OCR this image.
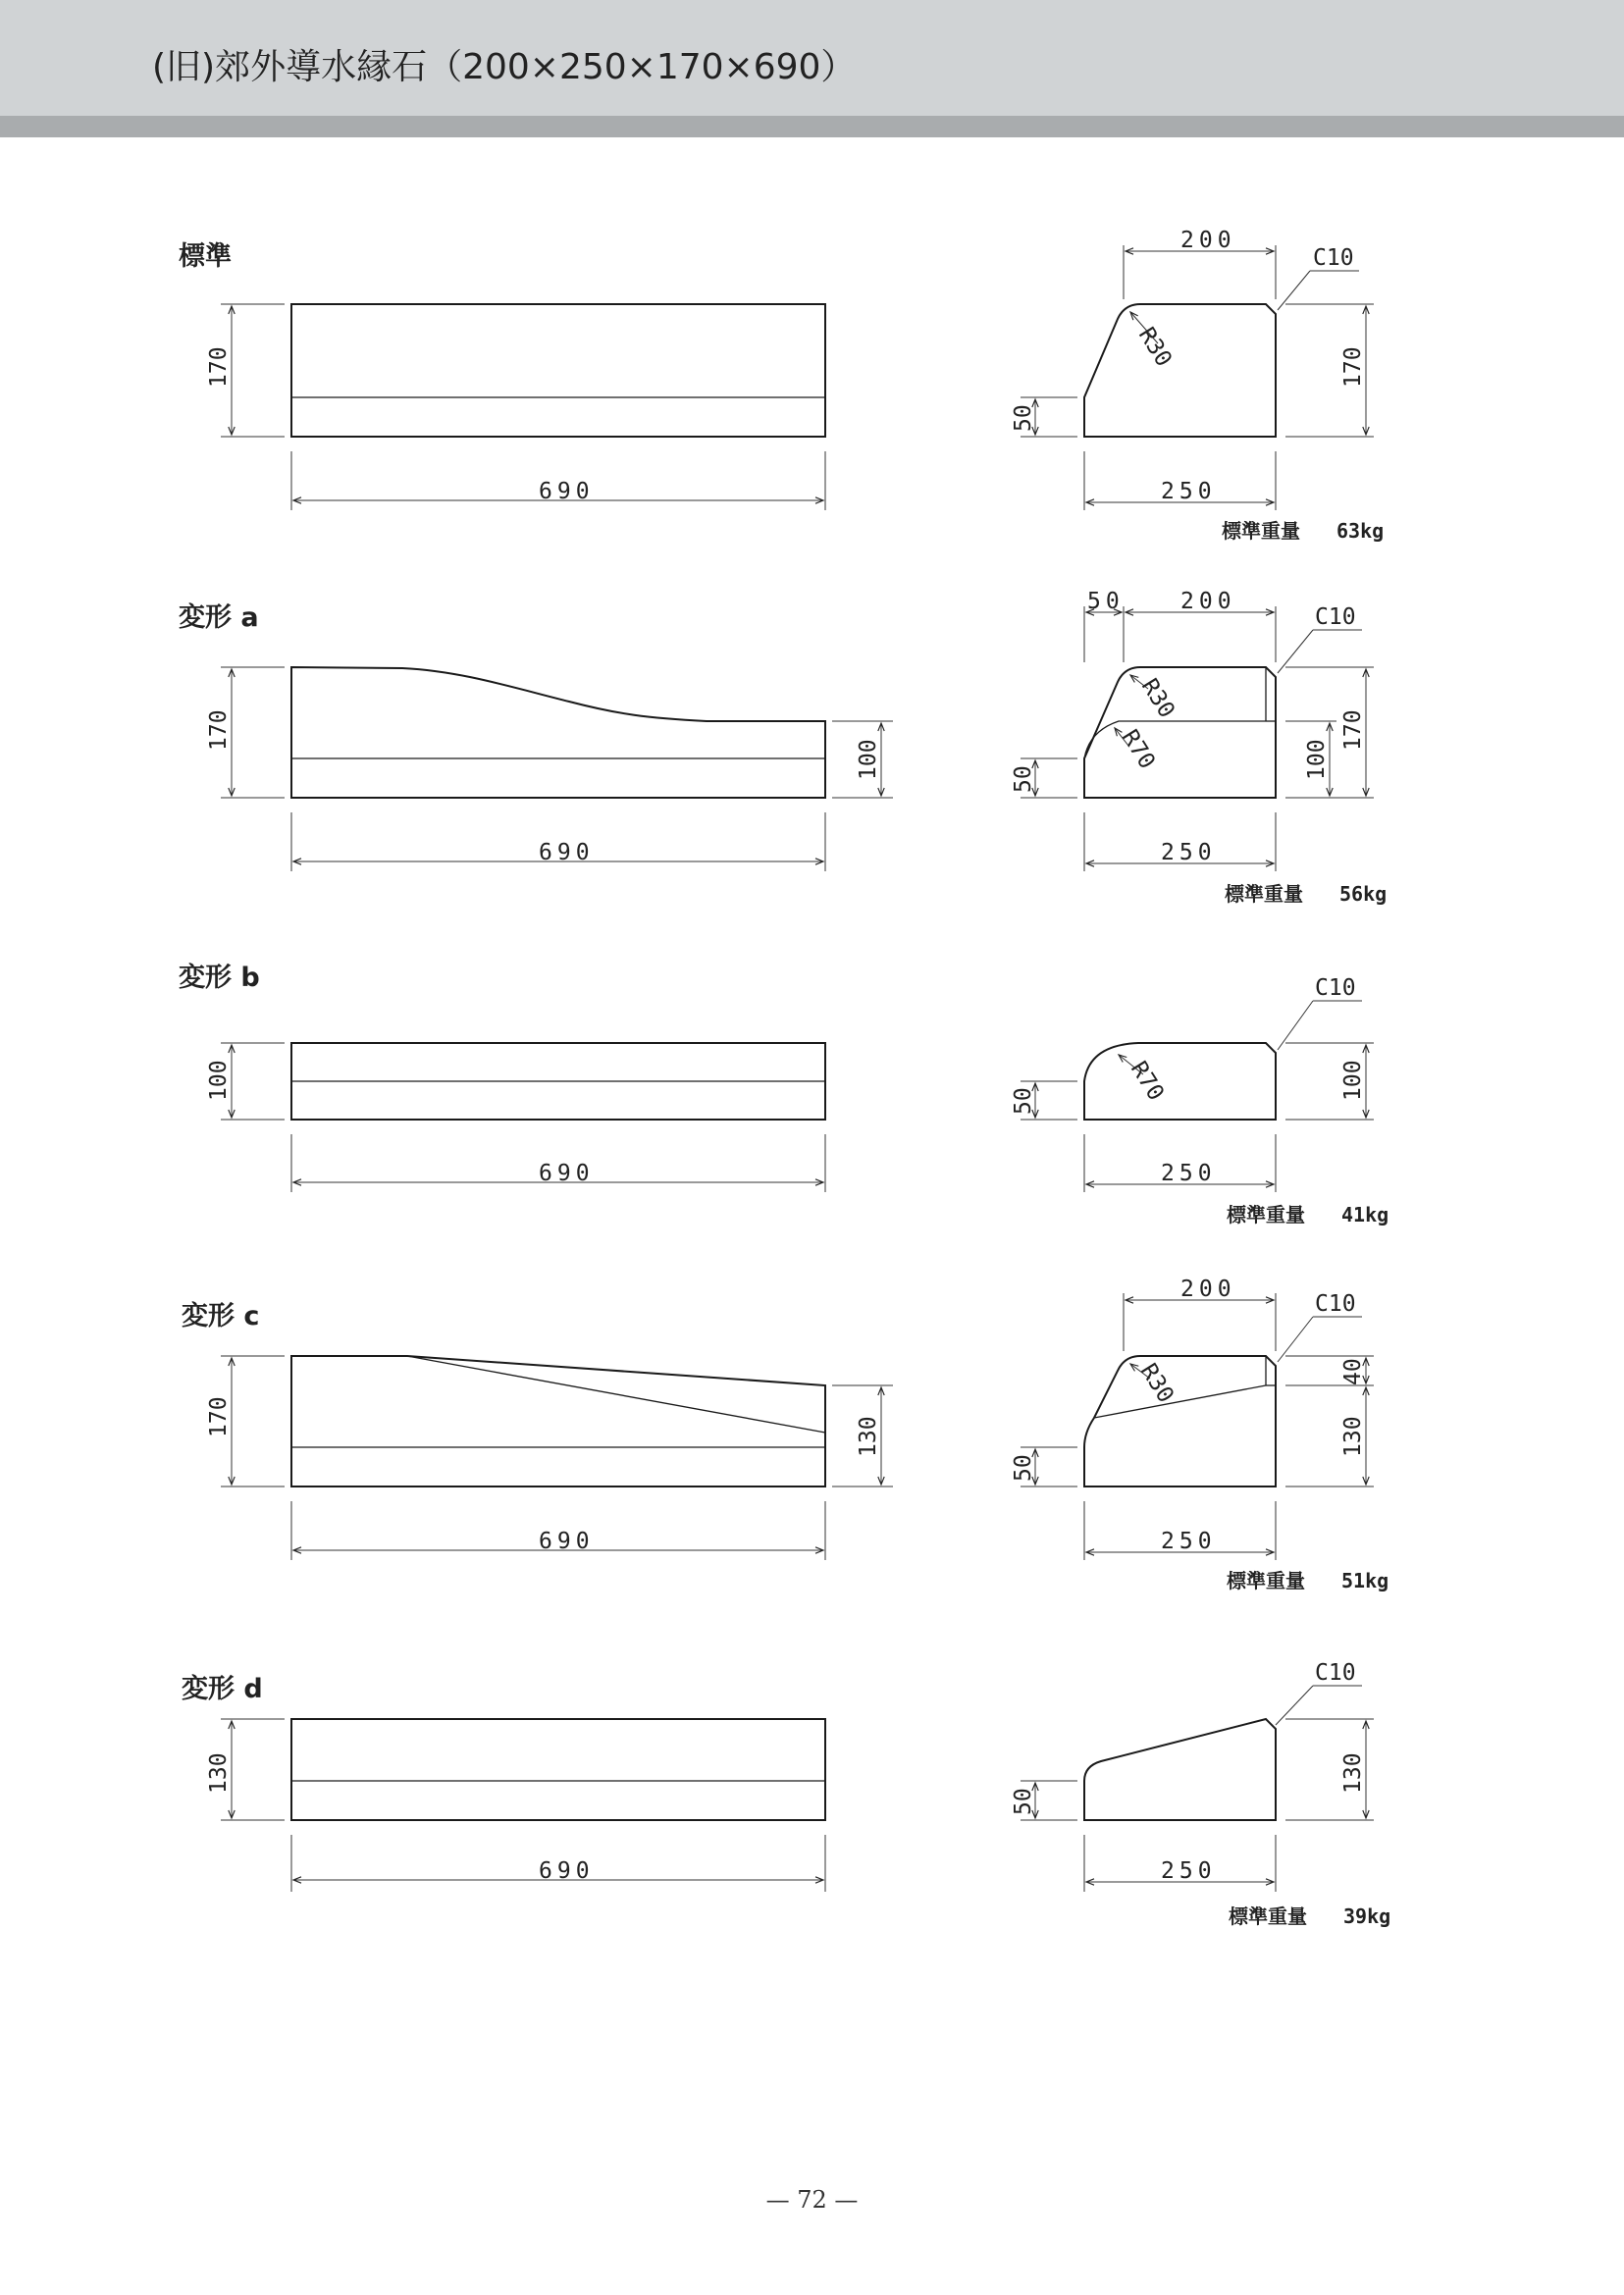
(旧)郊外導水縁石（200×250×170×690）
標準
170
690
200
C10
R30	170
50
250
標準重量 63kg
変形 a
170
100
690
50 200
C10
R30
R70	100
170
50
250
標準重量 56kg
変形 b
100
690
C10
R70	100
50
250
標準重量 41kg
変形 c
170	130
690
200
C10
R30	40
130
50
250
標準重量 51kg
変形 d
130
690
C10
130
50
250
標準重量 39kg
— 72 —
